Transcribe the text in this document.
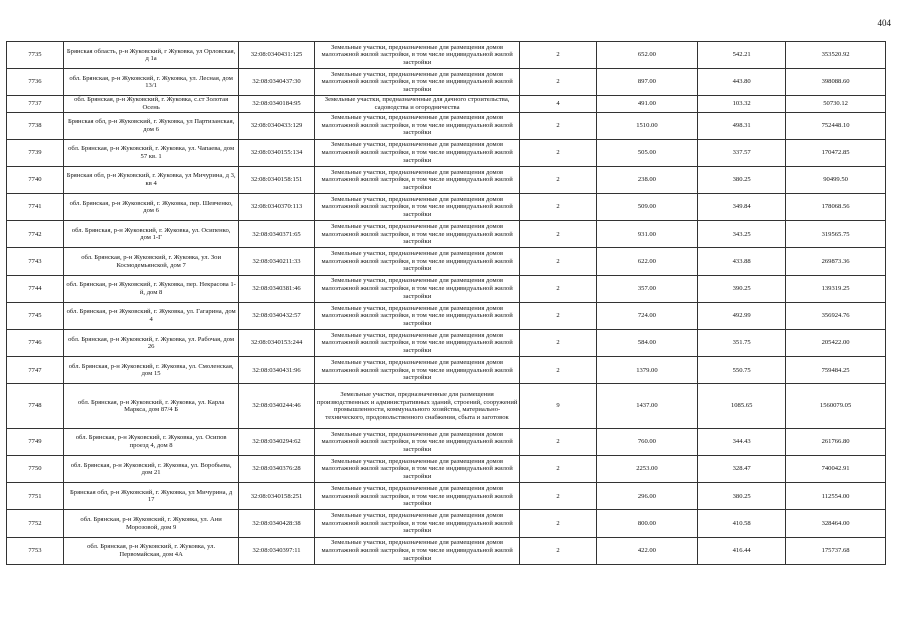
404
7735	Брянская область, р-н Жуковский, г Жуковка, ул Орловская, д 1а	32:08:0340431:125	Земельные участки, предназначенные для размещения домов малоэтажной жилой застройки, в том числе индивидуальной жилой застройки	2	652.00	542.21	353520.92
7736	обл. Брянская, р-н Жуковский, г. Жуковка, ул. Лесная, дом 13/1	32:08:0340437:30	Земельные участки, предназначенные для размещения домов малоэтажной жилой застройки, в том числе индивидуальной жилой застройки	2	897.00	443.80	398088.60
7737	обл. Брянская, р-н Жуковский, г. Жуковка, с.ст Золотая Осень	32:08:0340184:95	Земельные участки, предназначенные для дачного строительства, садоводства и огородничества	4	491.00	103.32	50730.12
7738	Брянская обл, р-н Жуковский, г. Жуковка, ул Партизанская, дом 6	32:08:0340433:129	Земельные участки, предназначенные для размещения домов малоэтажной жилой застройки, в том числе индивидуальной жилой застройки	2	1510.00	498.31	752448.10
7739	обл. Брянская, р-н Жуковский, г. Жуковка, ул. Чапаева, дом 57 кв. 1	32:08:0340155:134	Земельные участки, предназначенные для размещения домов малоэтажной жилой застройки, в том числе индивидуальной жилой застройки	2	505.00	337.57	170472.85
7740	Брянская обл, р-н Жуковский, г. Жуковка, ул Мичурина, д 3, кв 4	32:08:0340158:151	Земельные участки, предназначенные для размещения домов малоэтажной жилой застройки, в том числе индивидуальной жилой застройки	2	238.00	380.25	90499.50
7741	обл. Брянская, р-н Жуковский, г. Жуковка, пер. Шевченко, дом 6	32:08:0340370:113	Земельные участки, предназначенные для размещения домов малоэтажной жилой застройки, в том числе индивидуальной жилой застройки	2	509.00	349.84	178068.56
7742	обл. Брянская, р-н Жуковский, г. Жуковка, ул. Осипенко, дом 1-Г	32:08:0340371:65	Земельные участки, предназначенные для размещения домов малоэтажной жилой застройки, в том числе индивидуальной жилой застройки	2	931.00	343.25	319565.75
7743	обл. Брянская, р-н Жуковский, г. Жуковка, ул. Зои Космодемьянской, дом 7	32:08:0340211:33	Земельные участки, предназначенные для размещения домов малоэтажной жилой застройки, в том числе индивидуальной жилой застройки	2	622.00	433.88	269873.36
7744	обл. Брянская, р-н Жуковский, г. Жуковка, пер. Некрасова 1-й, дом 8	32:08:0340381:46	Земельные участки, предназначенные для размещения домов малоэтажной жилой застройки, в том числе индивидуальной жилой застройки	2	357.00	390.25	139319.25
7745	обл. Брянская, р-н Жуковский, г. Жуковка, ул. Гагарина, дом 4	32:08:0340432:57	Земельные участки, предназначенные для размещения домов малоэтажной жилой застройки, в том числе индивидуальной жилой застройки	2	724.00	492.99	356924.76
7746	обл. Брянская, р-н Жуковский, г. Жуковка, ул. Рабочая, дом 26	32:08:0340153:244	Земельные участки, предназначенные для размещения домов малоэтажной жилой застройки, в том числе индивидуальной жилой застройки	2	584.00	351.75	205422.00
7747	обл. Брянская, р-н Жуковский, г. Жуковка, ул. Смоленская, дом 15	32:08:0340431:96	Земельные участки, предназначенные для размещения домов малоэтажной жилой застройки, в том числе индивидуальной жилой застройки	2	1379.00	550.75	759484.25
7748	обл. Брянская, р-н Жуковский, г. Жуковка, ул. Карла Маркса, дом 87/4 Б	32:08:0340244:46	Земельные участки, предназначенные для размещения производственных и административных зданий, строений, сооружений промышленности, коммунального хозяйства, материально-технического, продовольственного снабжения, сбыта и заготовок	9	1437.00	1085.65	1560079.05
7749	обл. Брянская, р-н Жуковский, г. Жуковка, ул. Осипов проезд 4, дом 8	32:08:0340294:62	Земельные участки, предназначенные для размещения домов малоэтажной жилой застройки, в том числе индивидуальной жилой застройки	2	760.00	344.43	261766.80
7750	обл. Брянская, р-н Жуковский, г. Жуковка, ул. Воробьева, дом 21	32:08:0340376:28	Земельные участки, предназначенные для размещения домов малоэтажной жилой застройки, в том числе индивидуальной жилой застройки	2	2253.00	328.47	740042.91
7751	Брянская обл, р-н Жуковский, г. Жуковка, ул Мичурина, д 17	32:08:0340158:251	Земельные участки, предназначенные для размещения домов малоэтажной жилой застройки, в том числе индивидуальной жилой застройки	2	296.00	380.25	112554.00
7752	обл. Брянская, р-н Жуковский, г. Жуковка, ул. Ани Морозовой, дом 9	32:08:0340428:38	Земельные участки, предназначенные для размещения домов малоэтажной жилой застройки, в том числе индивидуальной жилой застройки	2	800.00	410.58	328464.00
7753	обл. Брянская, р-н Жуковский, г. Жуковка, ул. Первомайская, дом 4А	32:08:0340397:11	Земельные участки, предназначенные для размещения домов малоэтажной жилой застройки, в том числе индивидуальной жилой застройки	2	422.00	416.44	175737.68
